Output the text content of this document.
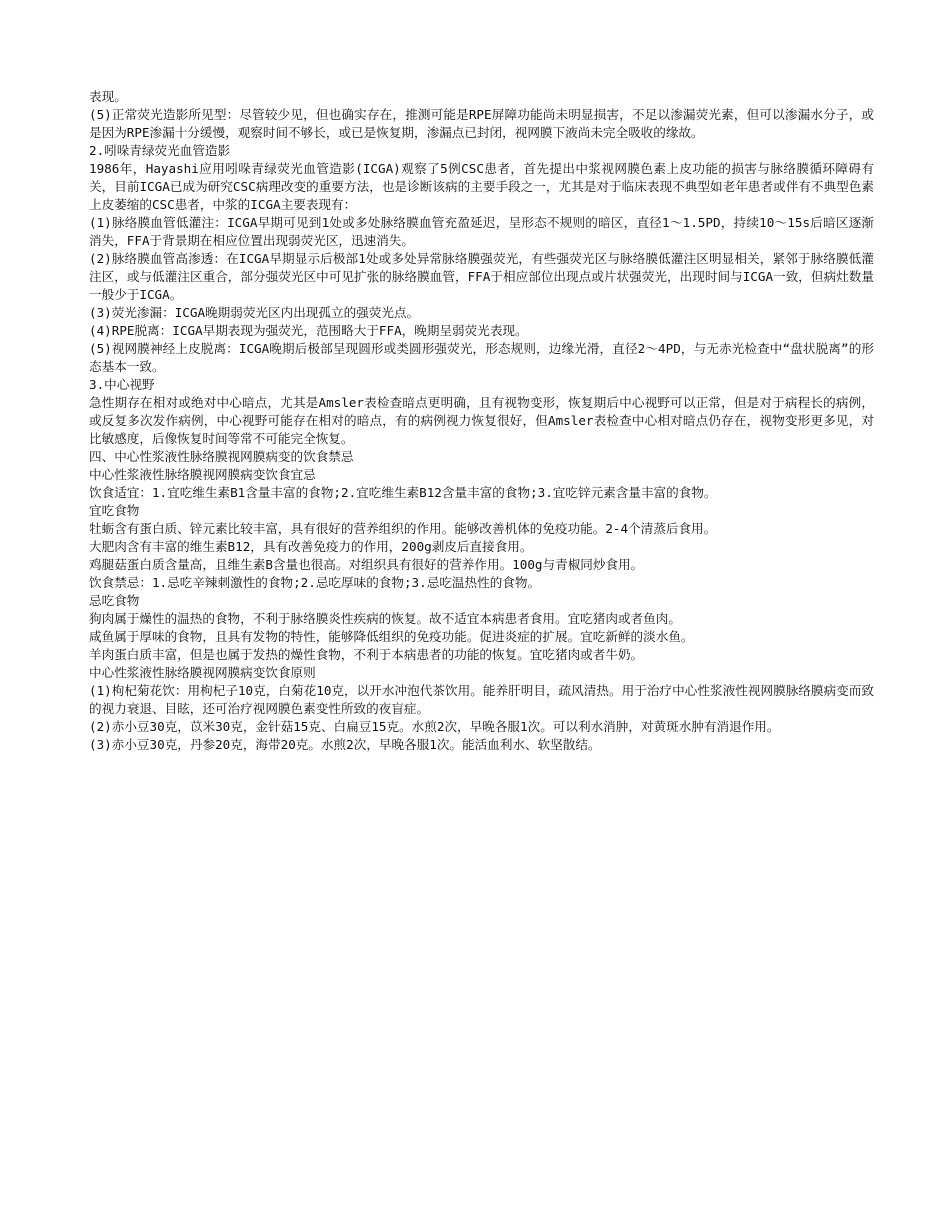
表现。

(5)正常荧光造影所见型：尽管较少见，但也确实存在，推测可能是RPE屏障功能尚未明显损害，不足以渗漏荧光素，但可以渗漏水分子，或是因为RPE渗漏十分缓慢，观察时间不够长，或已是恢复期，渗漏点已封闭，视网膜下液尚未完全吸收的缘故。

2.吲哚青绿荧光血管造影

1986年，Hayashi应用吲哚青绿荧光血管造影(ICGA)观察了5例CSC患者，首先提出中浆视网膜色素上皮功能的损害与脉络膜循环障碍有关，目前ICGA已成为研究CSC病理改变的重要方法，也是诊断该病的主要手段之一，尤其是对于临床表现不典型如老年患者或伴有不典型色素上皮萎缩的CSC患者，中浆的ICGA主要表现有：

(1)脉络膜血管低灌注：ICGA早期可见到1处或多处脉络膜血管充盈延迟，呈形态不规则的暗区，直径1～1.5PD，持续10～15s后暗区逐渐消失，FFA于背景期在相应位置出现弱荧光区，迅速消失。

(2)脉络膜血管高渗透：在ICGA早期显示后极部1处或多处异常脉络膜强荧光，有些强荧光区与脉络膜低灌注区明显相关，紧邻于脉络膜低灌注区，或与低灌注区重合，部分强荧光区中可见扩张的脉络膜血管，FFA于相应部位出现点或片状强荧光，出现时间与ICGA一致，但病灶数量一般少于ICGA。

(3)荧光渗漏：ICGA晚期弱荧光区内出现孤立的强荧光点。

(4)RPE脱离：ICGA早期表现为强荧光，范围略大于FFA，晚期呈弱荧光表现。

(5)视网膜神经上皮脱离：ICGA晚期后极部呈现圆形或类圆形强荧光，形态规则，边缘光滑，直径2～4PD，与无赤光检查中“盘状脱离”的形态基本一致。

3.中心视野

急性期存在相对或绝对中心暗点，尤其是Amsler表检查暗点更明确，且有视物变形，恢复期后中心视野可以正常，但是对于病程长的病例，或反复多次发作病例，中心视野可能存在相对的暗点，有的病例视力恢复很好，但Amsler表检查中心相对暗点仍存在，视物变形更多见，对比敏感度，后像恢复时间等常不可能完全恢复。

四、中心性浆液性脉络膜视网膜病变的饮食禁忌

中心性浆液性脉络膜视网膜病变饮食宜忌

饮食适宜：1.宜吃维生素B1含量丰富的食物;2.宜吃维生素B12含量丰富的食物;3.宜吃锌元素含量丰富的食物。

宜吃食物

牡蛎含有蛋白质、锌元素比较丰富，具有很好的营养组织的作用。能够改善机体的免疫功能。2-4个清蒸后食用。

大肥肉含有丰富的维生素B12，具有改善免疫力的作用，200g剥皮后直接食用。

鸡腿菇蛋白质含量高，且维生素B含量也很高。对组织具有很好的营养作用。100g与青椒同炒食用。

饮食禁忌：1.忌吃辛辣刺激性的食物;2.忌吃厚味的食物;3.忌吃温热性的食物。

忌吃食物

狗肉属于燥性的温热的食物，不利于脉络膜炎性疾病的恢复。故不适宜本病患者食用。宜吃猪肉或者鱼肉。

咸鱼属于厚味的食物，且具有发物的特性，能够降低组织的免疫功能。促进炎症的扩展。宜吃新鲜的淡水鱼。

羊肉蛋白质丰富，但是也属于发热的燥性食物，不利于本病患者的功能的恢复。宜吃猪肉或者牛奶。

中心性浆液性脉络膜视网膜病变饮食原则

(1)枸杞菊花饮：用枸杞子10克，白菊花10克，以开水冲泡代茶饮用。能养肝明目，疏风清热。用于治疗中心性浆液性视网膜脉络膜病变而致的视力衰退、目眩，还可治疗视网膜色素变性所致的夜盲症。

(2)赤小豆30克，苡米30克，金针菇15克、白扁豆15克。水煎2次，早晚各服1次。可以利水消肿，对黄斑水肿有消退作用。

(3)赤小豆30克，丹参20克，海带20克。水煎2次，早晚各服1次。能活血利水、软坚散结。
